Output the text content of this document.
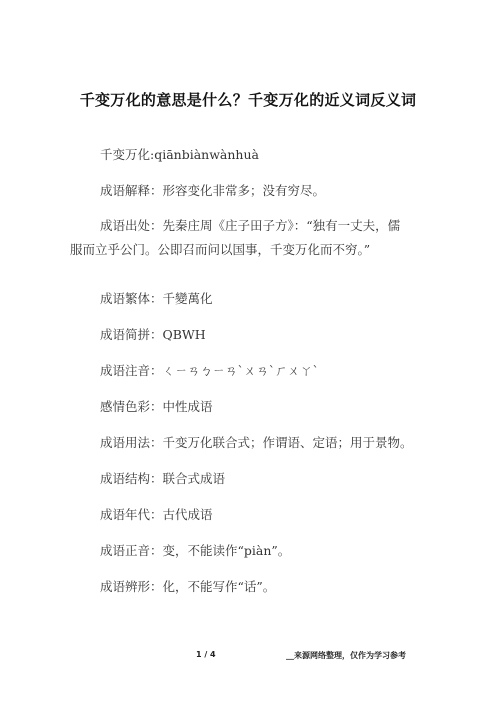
千变万化的意思是什么？千变万化的近义词反义词
千变万化:qiānbiànwànhuà
成语解释：形容变化非常多；没有穷尽。
成语出处：先秦庄周《庄子田子方》：“独有一丈夫，儒服而立乎公门。公即召而问以国事，千变万化而不穷。”
成语繁体：千變萬化
成语简拼：QBWH
成语注音：ㄑㄧㄢㄅㄧㄢˋㄨㄢˋㄏㄨㄚˋ
感情色彩：中性成语
成语用法：千变万化联合式；作谓语、定语；用于景物。
成语结构：联合式成语
成语年代：古代成语
成语正音：变，不能读作“piàn”。
成语辨形：化，不能写作“话”。
1 / 4	__来源网络整理，仅作为学习参考
